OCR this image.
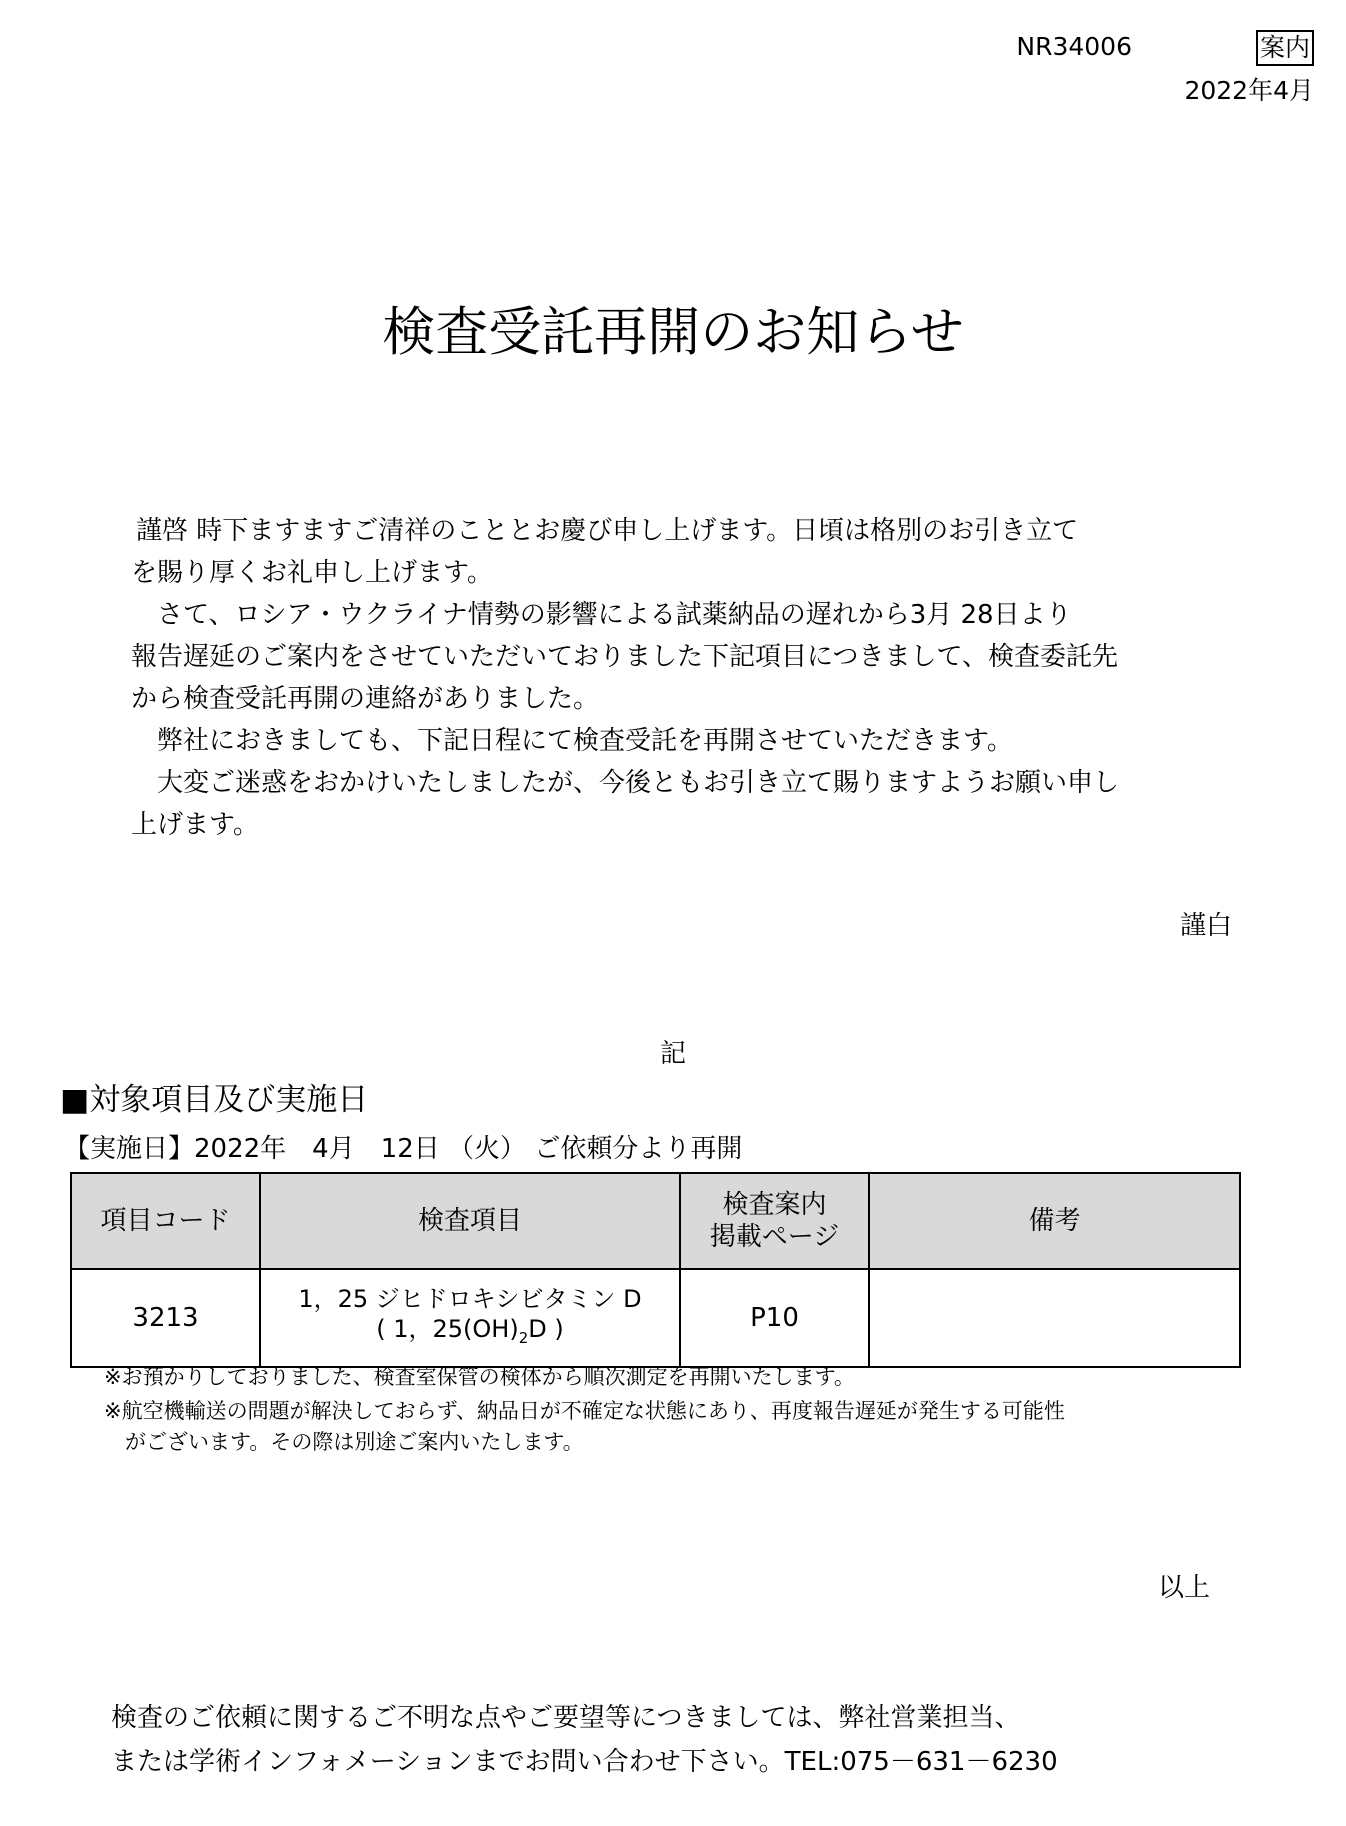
NR34006	案内
2022年4月
検査受託再開のお知らせ
謹啓 時下ますますご清祥のこととお慶び申し上げます。日頃は格別のお引き立て
を賜り厚くお礼申し上げます。
　さて、ロシア・ウクライナ情勢の影響による試薬納品の遅れから3月 28日より
報告遅延のご案内をさせていただいておりました下記項目につきまして、検査委託先
から検査受託再開の連絡がありました。
　弊社におきましても、下記日程にて検査受託を再開させていただきます。
　大変ご迷惑をおかけいたしましたが、今後ともお引き立て賜りますようお願い申し
上げます。
謹白
記
■対象項目及び実施日
【実施日】2022年　4月　12日 （火） ご依頼分より再開
項目コード	検査項目	検査案内
掲載ページ	備考
3213	1，25 ジヒドロキシビタミン D
( 1，$25(OH)_2D$ )	P10	
※お預かりしておりました、検査室保管の検体から順次測定を再開いたします。
※航空機輸送の問題が解決しておらず、納品日が不確定な状態にあり、再度報告遅延が発生する可能性
　がございます。その際は別途ご案内いたします。
以上
検査のご依頼に関するご不明な点やご要望等につきましては、弊社営業担当、
または学術インフォメーションまでお問い合わせ下さい。TEL:075－631－6230
